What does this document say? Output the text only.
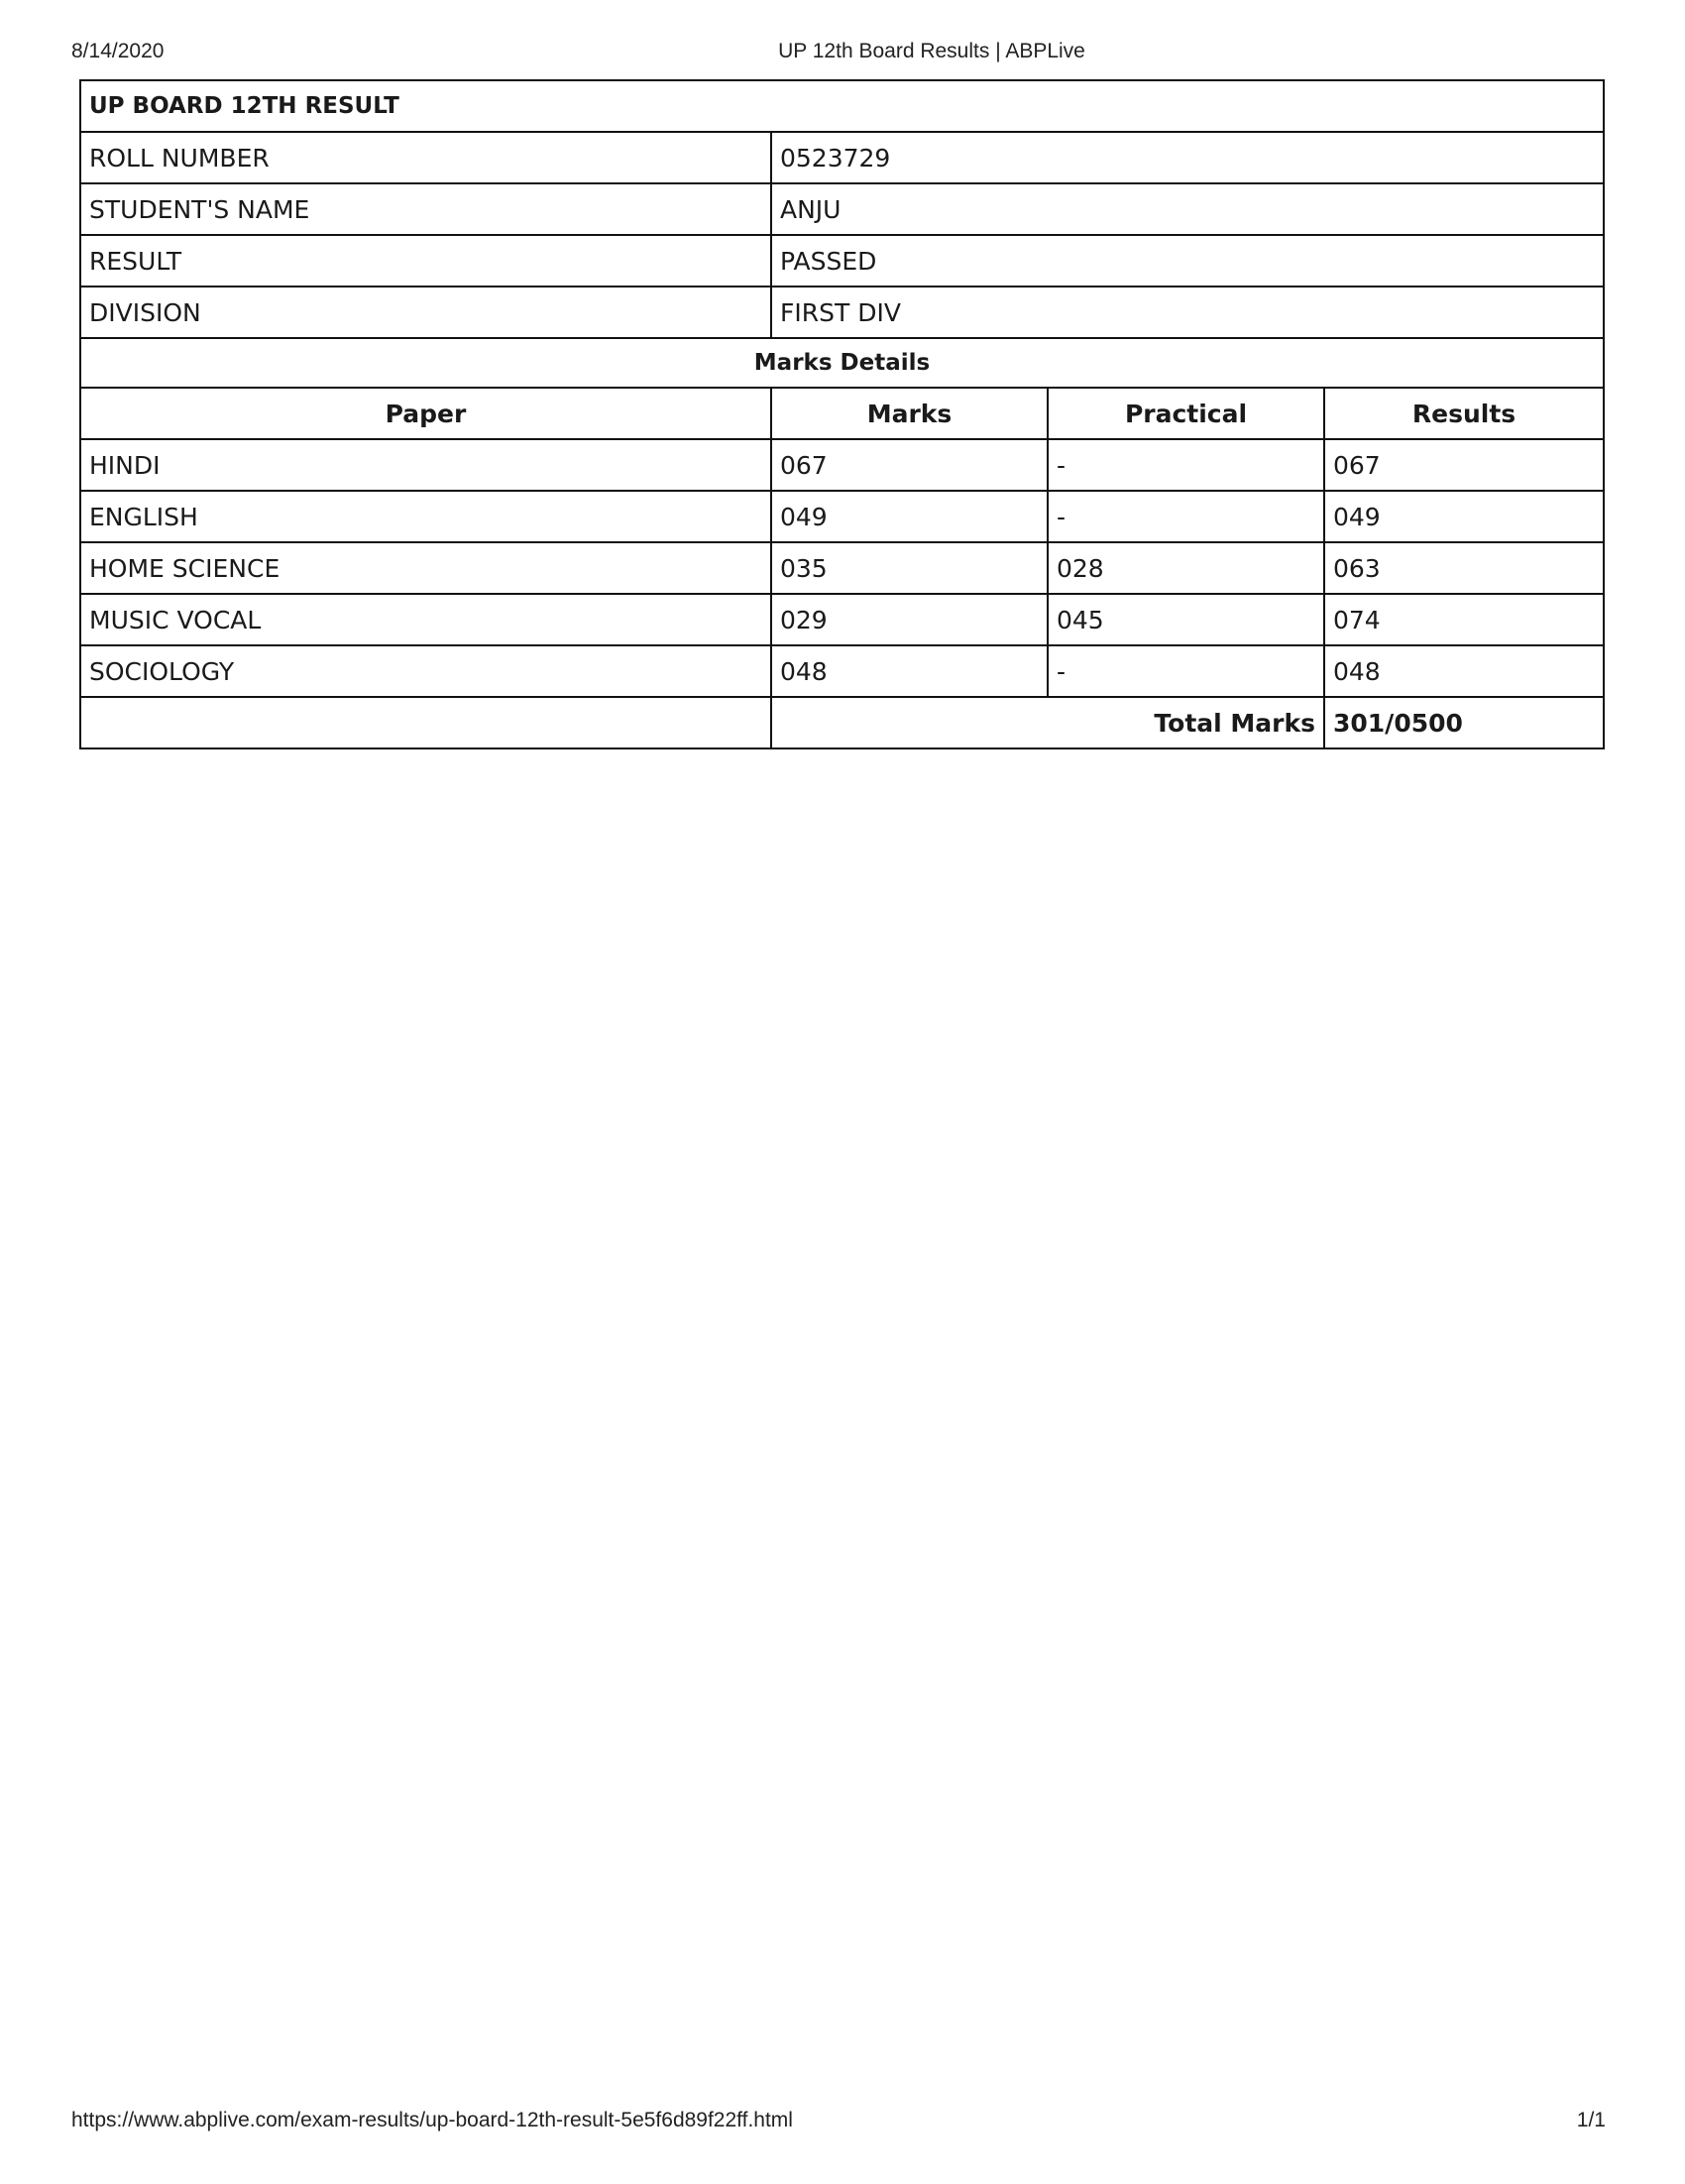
8/14/2020	UP 12th Board Results | ABPLive
UP BOARD 12TH RESULT			
ROLL NUMBER	0523729		
STUDENT'S NAME	ANJU		
RESULT	PASSED		
DIVISION	FIRST DIV		
Marks Details			
Paper	Marks	Practical	Results
HINDI	067	-	067
ENGLISH	049	-	049
HOME SCIENCE	035	028	063
MUSIC VOCAL	029	045	074
SOCIOLOGY	048	-	048
	Total Marks		301/0500
https://www.abplive.com/exam-results/up-board-12th-result-5e5f6d89f22ff.html	1/1
